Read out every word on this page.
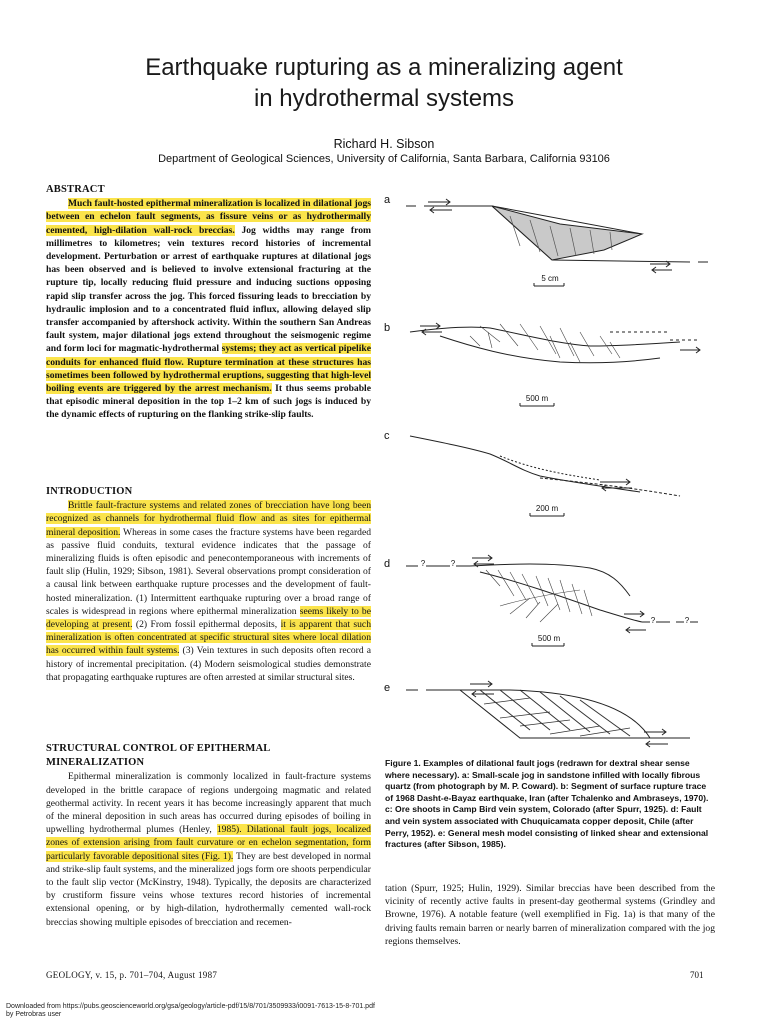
Earthquake rupturing as a mineralizing agent
in hydrothermal systems
Richard H. Sibson
Department of Geological Sciences, University of California, Santa Barbara, California 93106
ABSTRACT

Much fault-hosted epithermal mineralization is localized in dilational jogs between en echelon fault segments, as fissure veins or as hydrothermally cemented, high-dilation wall-rock breccias. Jog widths may range from millimetres to kilometres; vein textures record histories of incremental development. Perturbation or arrest of earthquake ruptures at dilational jogs has been observed and is believed to involve extensional fracturing at the rupture tip, locally reducing fluid pressure and inducing suctions opposing rapid slip transfer across the jog. This forced fissuring leads to brecciation by hydraulic implosion and to a concentrated fluid influx, allowing delayed slip transfer accompanied by aftershock activity. Within the southern San Andreas fault system, major dilational jogs extend throughout the seismogenic regime and form loci for magmatic-hydrothermal systems; they act as vertical pipelike conduits for enhanced fluid flow. Rupture termination at these structures has sometimes been followed by hydrothermal eruptions, suggesting that high-level boiling events are triggered by the arrest mechanism. It thus seems probable that episodic mineral deposition in the top 1–2 km of such jogs is induced by the dynamic effects of rupturing on the flanking strike-slip faults.

INTRODUCTION

Brittle fault-fracture systems and related zones of brecciation have long been recognized as channels for hydrothermal fluid flow and as sites for epithermal mineral deposition. Whereas in some cases the fracture systems have been regarded as passive fluid conduits, textural evidence indicates that the passage of mineralizing fluids is often episodic and penecontemporaneous with increments of fault slip (Hulin, 1929; Sibson, 1981). Several observations prompt consideration of a causal link between earthquake rupture processes and the development of fault-hosted mineralization. (1) Intermittent earthquake rupturing over a broad range of scales is widespread in regions where epithermal mineralization seems likely to be developing at present. (2) From fossil epithermal deposits, it is apparent that such mineralization is often concentrated at specific structural sites where local dilation has occurred within fault systems. (3) Vein textures in such deposits often record a history of incremental precipitation. (4) Modern seismological studies demonstrate that propagating earthquake ruptures are often arrested at similar structural sites.

STRUCTURAL CONTROL OF EPITHERMAL
MINERALIZATION

Epithermal mineralization is commonly localized in fault-fracture systems developed in the brittle carapace of regions undergoing magmatic and related geothermal activity. In recent years it has become increasingly apparent that much of the mineral deposition in such areas has occurred during episodes of boiling in upwelling hydrothermal plumes (Henley, 1985). Dilational fault jogs, localized zones of extension arising from fault curvature or en echelon segmentation, form particularly favorable depositional sites (Fig. 1). They are best developed in normal and strike-slip fault systems, and the mineralized jogs form ore shoots perpendicular to the fault slip vector (McKinstry, 1948). Typically, the deposits are characterized by crustiform fissure veins whose textures record histories of incremental extensional opening, or by high-dilation, hydrothermally cemented wall-rock breccias showing multiple episodes of brecciation and recemen-

a
b
c
d
e
5 cm
500 m
200 m
500 m
?	?
?	?
Figure 1. Examples of dilational fault jogs (redrawn for dextral shear sense where necessary). a: Small-scale jog in sandstone infilled with locally fibrous quartz (from photograph by M. P. Coward). b: Segment of surface rupture trace of 1968 Dasht-e-Bayaz earthquake, Iran (after Tchalenko and Ambraseys, 1970). c: Ore shoots in Camp Bird vein system, Colorado (after Spurr, 1925). d: Fault and vein system associated with Chuquicamata copper deposit, Chile (after Perry, 1952). e: General mesh model consisting of linked shear and extensional fractures (after Sibson, 1985).
tation (Spurr, 1925; Hulin, 1929). Similar breccias have been described from the vicinity of recently active faults in present-day geothermal systems (Grindley and Browne, 1976). A notable feature (well exemplified in Fig. 1a) is that many of the driving faults remain barren or nearly barren of mineralization compared with the jog regions themselves.
GEOLOGY, v. 15, p. 701–704, August 1987	701
Downloaded from https://pubs.geoscienceworld.org/gsa/geology/article-pdf/15/8/701/3509933/i0091-7613-15-8-701.pdf
by Petrobras user
